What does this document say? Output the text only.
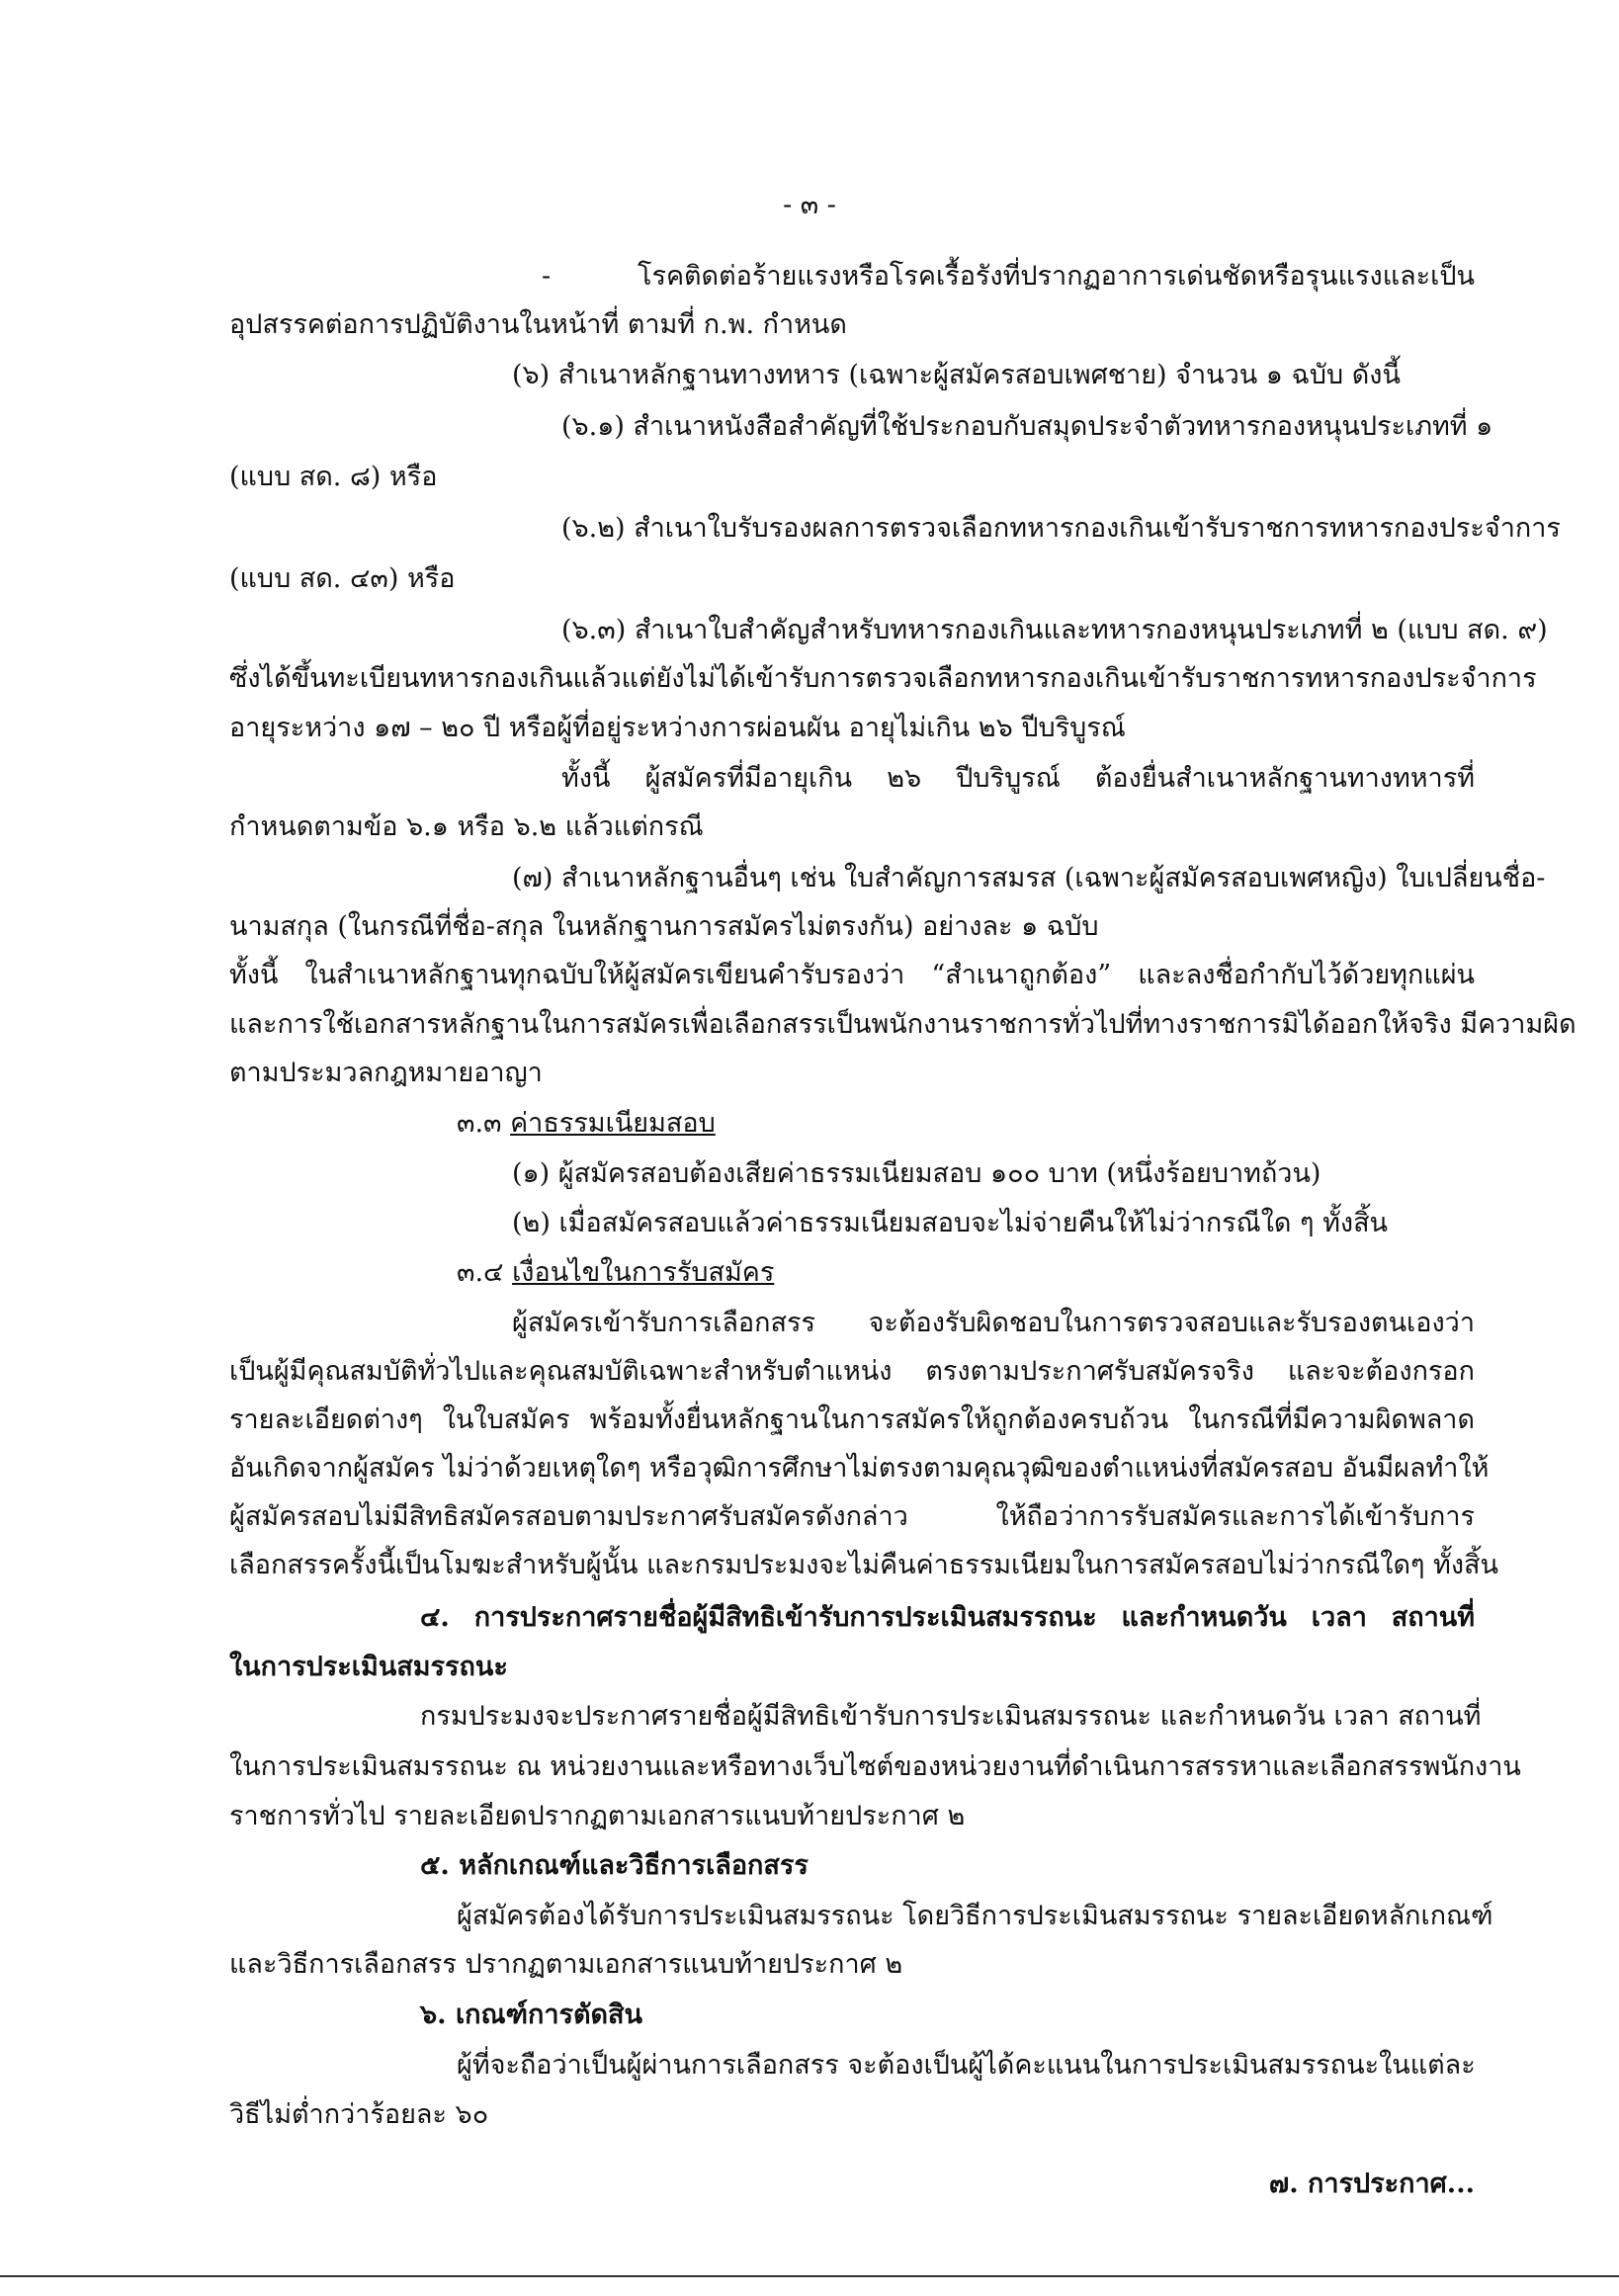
- ๓ -
- โรคติดต่อร้ายแรงหรือโรคเรื้อรังที่ปรากฏอาการเด่นชัดหรือรุนแรงและเป็น
อุปสรรคต่อการปฏิบัติงานในหน้าที่ ตามที่ ก.พ. กำหนด
(๖) สำเนาหลักฐานทางทหาร (เฉพาะผู้สมัครสอบเพศชาย) จำนวน ๑ ฉบับ ดังนี้
(๖.๑) สำเนาหนังสือสำคัญที่ใช้ประกอบกับสมุดประจำตัวทหารกองหนุนประเภทที่ ๑
(แบบ สด. ๘) หรือ
(๖.๒) สำเนาใบรับรองผลการตรวจเลือกทหารกองเกินเข้ารับราชการทหารกองประจำการ
(แบบ สด. ๔๓) หรือ
(๖.๓) สำเนาใบสำคัญสำหรับทหารกองเกินและทหารกองหนุนประเภทที่ ๒ (แบบ สด. ๙)
ซึ่งได้ขึ้นทะเบียนทหารกองเกินแล้วแต่ยังไม่ได้เข้ารับการตรวจเลือกทหารกองเกินเข้ารับราชการทหารกองประจำการ
อายุระหว่าง ๑๗ – ๒๐ ปี หรือผู้ที่อยู่ระหว่างการผ่อนผัน อายุไม่เกิน ๒๖ ปีบริบูรณ์
ทั้งนี้ ผู้สมัครที่มีอายุเกิน ๒๖ ปีบริบูรณ์ ต้องยื่นสำเนาหลักฐานทางทหารที่
กำหนดตามข้อ ๖.๑ หรือ ๖.๒ แล้วแต่กรณี
(๗) สำเนาหลักฐานอื่นๆ เช่น ใบสำคัญการสมรส (เฉพาะผู้สมัครสอบเพศหญิง) ใบเปลี่ยนชื่อ-
นามสกุล (ในกรณีที่ชื่อ-สกุล ในหลักฐานการสมัครไม่ตรงกัน) อย่างละ ๑ ฉบับ
ทั้งนี้ ในสำเนาหลักฐานทุกฉบับให้ผู้สมัครเขียนคำรับรองว่า “สำเนาถูกต้อง” และลงชื่อกำกับไว้ด้วยทุกแผ่น
และการใช้เอกสารหลักฐานในการสมัครเพื่อเลือกสรรเป็นพนักงานราชการทั่วไปที่ทางราชการมิได้ออกให้จริง มีความผิด
ตามประมวลกฎหมายอาญา
๓.๓ ค่าธรรมเนียมสอบ
(๑) ผู้สมัครสอบต้องเสียค่าธรรมเนียมสอบ ๑๐๐ บาท (หนึ่งร้อยบาทถ้วน)
(๒) เมื่อสมัครสอบแล้วค่าธรรมเนียมสอบจะไม่จ่ายคืนให้ไม่ว่ากรณีใด ๆ ทั้งสิ้น
๓.๔ เงื่อนไขในการรับสมัคร
ผู้สมัครเข้ารับการเลือกสรร จะต้องรับผิดชอบในการตรวจสอบและรับรองตนเองว่า
เป็นผู้มีคุณสมบัติทั่วไปและคุณสมบัติเฉพาะสำหรับตำแหน่ง ตรงตามประกาศรับสมัครจริง และจะต้องกรอก
รายละเอียดต่างๆ ในใบสมัคร พร้อมทั้งยื่นหลักฐานในการสมัครให้ถูกต้องครบถ้วน ในกรณีที่มีความผิดพลาด
อันเกิดจากผู้สมัคร ไม่ว่าด้วยเหตุใดๆ หรือวุฒิการศึกษาไม่ตรงตามคุณวุฒิของตำแหน่งที่สมัครสอบ อันมีผลทำให้
ผู้สมัครสอบไม่มีสิทธิสมัครสอบตามประกาศรับสมัครดังกล่าว ให้ถือว่าการรับสมัครและการได้เข้ารับการ
เลือกสรรครั้งนี้เป็นโมฆะสำหรับผู้นั้น และกรมประมงจะไม่คืนค่าธรรมเนียมในการสมัครสอบไม่ว่ากรณีใดๆ ทั้งสิ้น
๔. การประกาศรายชื่อผู้มีสิทธิเข้ารับการประเมินสมรรถนะ และกำหนดวัน เวลา สถานที่
ในการประเมินสมรรถนะ
กรมประมงจะประกาศรายชื่อผู้มีสิทธิเข้ารับการประเมินสมรรถนะ และกำหนดวัน เวลา สถานที่
ในการประเมินสมรรถนะ ณ หน่วยงานและหรือทางเว็บไซต์ของหน่วยงานที่ดำเนินการสรรหาและเลือกสรรพนักงาน
ราชการทั่วไป รายละเอียดปรากฏตามเอกสารแนบท้ายประกาศ ๒
๕. หลักเกณฑ์และวิธีการเลือกสรร
ผู้สมัครต้องได้รับการประเมินสมรรถนะ โดยวิธีการประเมินสมรรถนะ รายละเอียดหลักเกณฑ์
และวิธีการเลือกสรร ปรากฏตามเอกสารแนบท้ายประกาศ ๒
๖. เกณฑ์การตัดสิน
ผู้ที่จะถือว่าเป็นผู้ผ่านการเลือกสรร จะต้องเป็นผู้ได้คะแนนในการประเมินสมรรถนะในแต่ละ
วิธีไม่ต่ำกว่าร้อยละ ๖๐
๗. การประกาศ...
